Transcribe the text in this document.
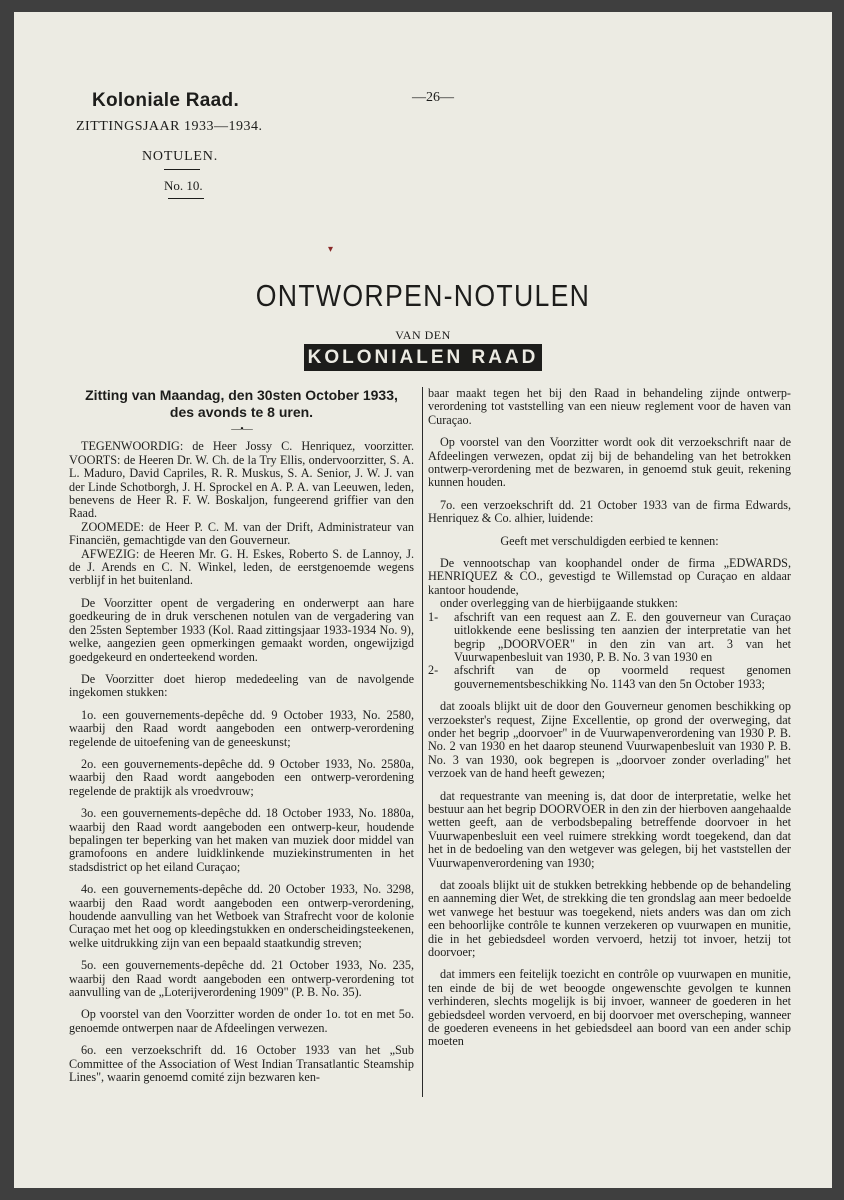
Koloniale Raad.
ZITTINGSJAAR 1933—1934.
—26—
NOTULEN.
No. 10.
▾
ONTWORPEN-NOTULEN
VAN DEN
KOLONIALEN RAAD
Zitting van Maandag, den 30sten October 1933,
des avonds te 8 uren.
—•—

TEGENWOORDIG: de Heer Jossy C. Henriquez, voorzitter. VOORTS: de Heeren Dr. W. Ch. de la Try Ellis, ondervoorzitter, S. A. L. Maduro, David Capriles, R. R. Muskus, S. A. Senior, J. W. J. van der Linde Schotborgh, J. H. Sprockel en A. P. A. van Leeuwen, leden, benevens de Heer R. F. W. Boskaljon, fungeerend griffier van den Raad.

ZOOMEDE: de Heer P. C. M. van der Drift, Administrateur van Financiën, gemachtigde van den Gouverneur.

AFWEZIG: de Heeren Mr. G. H. Eskes, Roberto S. de Lannoy, J. de J. Arends en C. N. Winkel, leden, de eerstgenoemde wegens verblijf in het buitenland.

De Voorzitter opent de vergadering en onderwerpt aan hare goedkeuring de in druk verschenen notulen van de vergadering van den 25sten September 1933 (Kol. Raad zittingsjaar 1933-1934 No. 9), welke, aangezien geen opmerkingen gemaakt worden, ongewijzigd goedgekeurd en onderteekend worden.

De Voorzitter doet hierop mededeeling van de navolgende ingekomen stukken:

1o. een gouvernements-depêche dd. 9 October 1933, No. 2580, waarbij den Raad wordt aangeboden een ontwerp-verordening regelende de uitoefening van de geneeskunst;

2o. een gouvernements-depêche dd. 9 October 1933, No. 2580a, waarbij den Raad wordt aangeboden een ontwerp-verordening regelende de praktijk als vroedvrouw;

3o. een gouvernements-depêche dd. 18 October 1933, No. 1880a, waarbij den Raad wordt aangeboden een ontwerp-keur, houdende bepalingen ter beperking van het maken van muziek door middel van gramofoons en andere luidklinkende muziekinstrumenten in het stadsdistrict op het eiland Curaçao;

4o. een gouvernements-depêche dd. 20 October 1933, No. 3298, waarbij den Raad wordt aangeboden een ontwerp-verordening, houdende aanvulling van het Wetboek van Strafrecht voor de kolonie Curaçao met het oog op kleedingstukken en onderscheidingsteekenen, welke uitdrukking zijn van een bepaald staatkundig streven;

5o. een gouvernements-depêche dd. 21 October 1933, No. 235, waarbij den Raad wordt aangeboden een ontwerp-verordening tot aanvulling van de „Loterijverordening 1909" (P. B. No. 35).

Op voorstel van den Voorzitter worden de onder 1o. tot en met 5o. genoemde ontwerpen naar de Afdeelingen verwezen.

6o. een verzoekschrift dd. 16 October 1933 van het „Sub Committee of the Association of West Indian Transatlantic Steamship Lines", waarin genoemd comité zijn bezwaren ken-

baar maakt tegen het bij den Raad in behandeling zijnde ontwerp-verordening tot vaststelling van een nieuw reglement voor de haven van Curaçao.

Op voorstel van den Voorzitter wordt ook dit verzoekschrift naar de Afdeelingen verwezen, opdat zij bij de behandeling van het betrokken ontwerp-verordening met de bezwaren, in genoemd stuk geuit, rekening kunnen houden.

7o. een verzoekschrift dd. 21 October 1933 van de firma Edwards, Henriquez & Co. alhier, luidende:

Geeft met verschuldigden eerbied te kennen:

De vennootschap van koophandel onder de firma „EDWARDS, HENRIQUEZ & CO., gevestigd te Willemstad op Curaçao en aldaar kantoor houdende,

onder overlegging van de hierbijgaande stukken:

1-	afschrift van een request aan Z. E. den gouverneur van Curaçao uitlokkende eene beslissing ten aanzien der interpretatie van het begrip „DOORVOER" in den zin van art. 3 van het Vuurwapenbesluit van 1930, P. B. No. 3 van 1930 en
2-	afschrift van de op voormeld request genomen gouvernementsbeschikking No. 1143 van den 5n October 1933;

dat zooals blijkt uit de door den Gouverneur genomen beschikking op verzoekster's request, Zijne Excellentie, op grond der overweging, dat onder het begrip „doorvoer" in de Vuurwapenverordening van 1930 P. B. No. 2 van 1930 en het daarop steunend Vuurwapenbesluit van 1930 P. B. No. 3 van 1930, ook begrepen is „doorvoer zonder overlading" het verzoek van de hand heeft gewezen;

dat requestrante van meening is, dat door de interpretatie, welke het bestuur aan het begrip DOORVOER in den zin der hierboven aangehaalde wetten geeft, aan de verbodsbepaling betreffende doorvoer in het Vuurwapenbesluit een veel ruimere strekking wordt toegekend, dan dat het in de bedoeling van den wetgever was gelegen, bij het vaststellen der Vuurwapenverordening van 1930;

dat zooals blijkt uit de stukken betrekking hebbende op de behandeling en aanneming dier Wet, de strekking die ten grondslag aan meer bedoelde wet vanwege het bestuur was toegekend, niets anders was dan om zich een behoorlijke contrôle te kunnen verzekeren op vuurwapen en munitie, die in het gebiedsdeel worden vervoerd, hetzij tot invoer, hetzij tot doorvoer;

dat immers een feitelijk toezicht en contrôle op vuurwapen en munitie, ten einde de bij de wet beoogde ongewenschte gevolgen te kunnen verhinderen, slechts mogelijk is bij invoer, wanneer de goederen in het gebiedsdeel worden vervoerd, en bij doorvoer met overscheping, wanneer de goederen eveneens in het gebiedsdeel aan boord van een ander schip moeten
